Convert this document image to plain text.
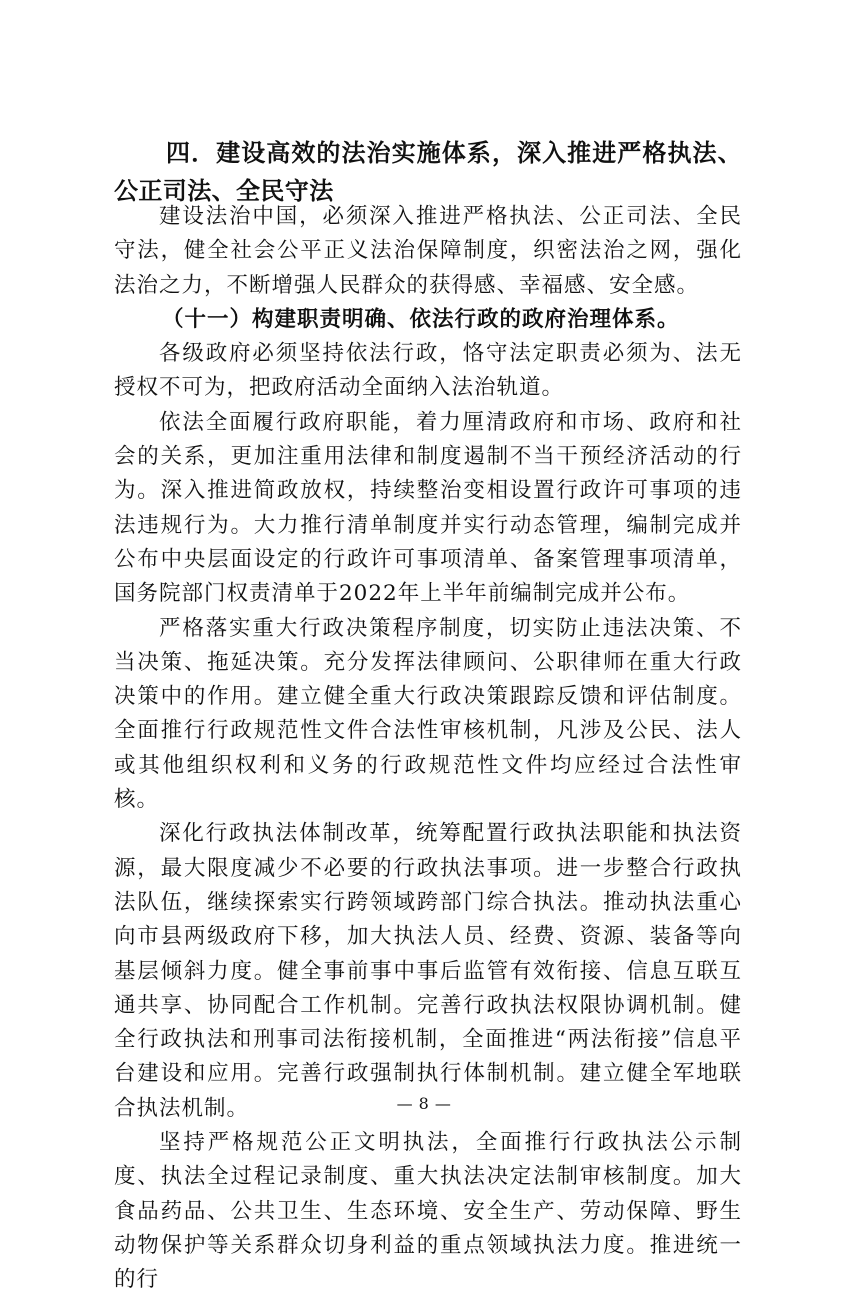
四．建设高效的法治实施体系，深入推进严格执法、公正司法、全民守法

建设法治中国，必须深入推进严格执法、公正司法、全民守法，健全社会公平正义法治保障制度，织密法治之网，强化法治之力，不断增强人民群众的获得感、幸福感、安全感。

（十一）构建职责明确、依法行政的政府治理体系。

各级政府必须坚持依法行政，恪守法定职责必须为、法无授权不可为，把政府活动全面纳入法治轨道。

依法全面履行政府职能，着力厘清政府和市场、政府和社会的关系，更加注重用法律和制度遏制不当干预经济活动的行为。深入推进简政放权，持续整治变相设置行政许可事项的违法违规行为。大力推行清单制度并实行动态管理，编制完成并公布中央层面设定的行政许可事项清单、备案管理事项清单，国务院部门权责清单于2022年上半年前编制完成并公布。

严格落实重大行政决策程序制度，切实防止违法决策、不当决策、拖延决策。充分发挥法律顾问、公职律师在重大行政决策中的作用。建立健全重大行政决策跟踪反馈和评估制度。全面推行行政规范性文件合法性审核机制，凡涉及公民、法人或其他组织权利和义务的行政规范性文件均应经过合法性审核。

深化行政执法体制改革，统筹配置行政执法职能和执法资源，最大限度减少不必要的行政执法事项。进一步整合行政执法队伍，继续探索实行跨领域跨部门综合执法。推动执法重心向市县两级政府下移，加大执法人员、经费、资源、装备等向基层倾斜力度。健全事前事中事后监管有效衔接、信息互联互通共享、协同配合工作机制。完善行政执法权限协调机制。健全行政执法和刑事司法衔接机制，全面推进“两法衔接”信息平台建设和应用。完善行政强制执行体制机制。建立健全军地联合执法机制。

坚持严格规范公正文明执法，全面推行行政执法公示制度、执法全过程记录制度、重大执法决定法制审核制度。加大食品药品、公共卫生、生态环境、安全生产、劳动保障、野生动物保护等关系群众切身利益的重点领域执法力度。推进统一的行

— 8 —
